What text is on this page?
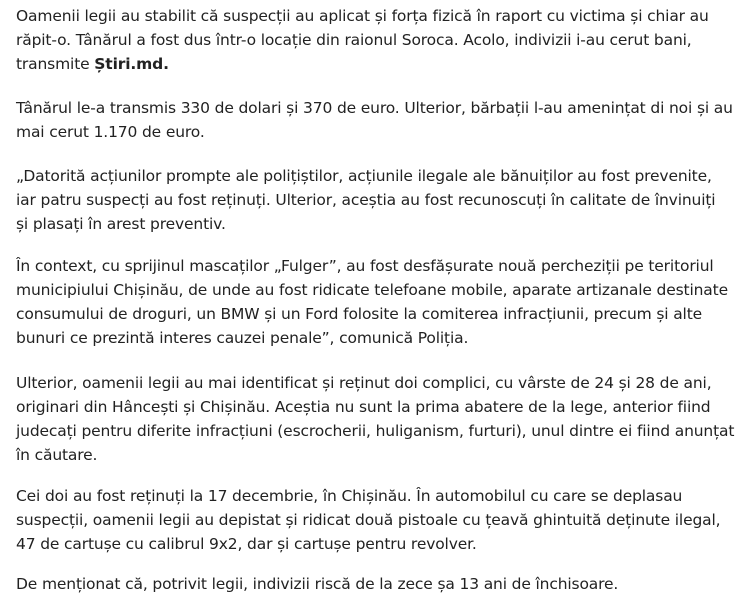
Oamenii legii au stabilit că suspecții au aplicat și forța fizică în raport cu victima și chiar au
răpit-o. Tânărul a fost dus într-o locație din raionul Soroca. Acolo, indivizii i-au cerut bani,
transmite Știri.md.

Tânărul le-a transmis 330 de dolari și 370 de euro. Ulterior, bărbații l-au amenințat di noi și au
mai cerut 1.170 de euro.

„Datorită acțiunilor prompte ale polițiștilor, acțiunile ilegale ale bănuiților au fost prevenite,
iar patru suspecți au fost reținuți. Ulterior, aceștia au fost recunoscuți în calitate de învinuiți
și plasați în arest preventiv.

În context, cu sprijinul mascaților „Fulger”, au fost desfășurate nouă percheziții pe teritoriul
municipiului Chișinău, de unde au fost ridicate telefoane mobile, aparate artizanale destinate
consumului de droguri, un BMW și un Ford folosite la comiterea infracțiunii, precum și alte
bunuri ce prezintă interes cauzei penale”, comunică Poliția.

Ulterior, oamenii legii au mai identificat și reținut doi complici, cu vârste de 24 și 28 de ani,
originari din Hâncești și Chișinău. Aceștia nu sunt la prima abatere de la lege, anterior fiind
judecați pentru diferite infracțiuni (escrocherii, huliganism, furturi), unul dintre ei fiind anunțat
în căutare.

Cei doi au fost reținuți la 17 decembrie, în Chișinău. În automobilul cu care se deplasau
suspecții, oamenii legii au depistat și ridicat două pistoale cu țeavă ghintuită deținute ilegal,
47 de cartușe cu calibrul 9x2, dar și cartușe pentru revolver.

De menționat că, potrivit legii, indivizii riscă de la zece șa 13 ani de închisoare.
